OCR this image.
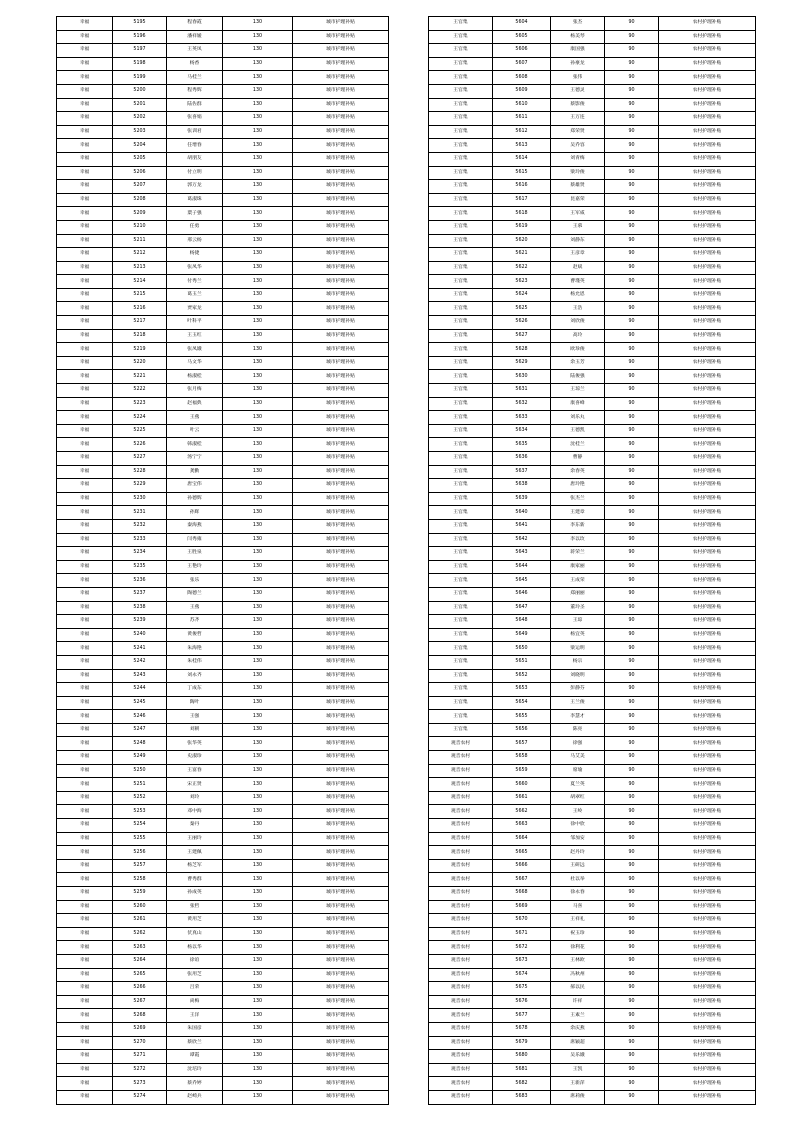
幸福	5195	程春霞	130	城市护理补贴
幸福	5196	潘祥媛	130	城市护理补贴
幸福	5197	王英凤	130	城市护理补贴
幸福	5198	杨香	130	城市护理补贴
幸福	5199	马桂兰	130	城市护理补贴
幸福	5200	程秀辉	130	城市护理补贴
幸福	5201	陆佐群	130	城市护理补贴
幸福	5202	张喜娟	130	城市护理补贴
幸福	5203	张训君	130	城市护理补贴
幸福	5204	任增春	130	城市护理补贴
幸福	5205	胡朋友	130	城市护理补贴
幸福	5206	付立明	130	城市护理补贴
幸福	5207	郭万龙	130	城市护理补贴
幸福	5208	葛淑珠	130	城市护理补贴
幸福	5209	粟子强	130	城市护理补贴
幸福	5210	任勇	130	城市护理补贴
幸福	5211	邢云杨	130	城市护理补贴
幸福	5212	杨捷	130	城市护理补贴
幸福	5213	张凤华	130	城市护理补贴
幸福	5214	付秀兰	130	城市护理补贴
幸福	5215	葛玉兰	130	城市护理补贴
幸福	5216	贾家龙	130	城市护理补贴
幸福	5217	叶科平	130	城市护理补贴
幸福	5218	王玉红	130	城市护理补贴
幸福	5219	张凤娥	130	城市护理补贴
幸福	5220	马文华	130	城市护理补贴
幸福	5221	杨淑桂	130	城市护理补贴
幸福	5222	张月梅	130	城市护理补贴
幸福	5223	赵福典	130	城市护理补贴
幸福	5224	王燕	130	城市护理补贴
幸福	5225	叶云	130	城市护理补贴
幸福	5226	韩淑桂	130	城市护理补贴
幸福	5227	汤宁宁	130	城市护理补贴
幸福	5228	龚勤	130	城市护理补贴
幸福	5229	唐宝伟	130	城市护理补贴
幸福	5230	孙德辉	130	城市护理补贴
幸福	5231	孙辉	130	城市护理补贴
幸福	5232	秦海燕	130	城市护理补贴
幸福	5233	闫秀雍	130	城市护理补贴
幸福	5234	王胜泉	130	城市护理补贴
幸福	5235	王艳玲	130	城市护理补贴
幸福	5236	张乐	130	城市护理补贴
幸福	5237	陶德兰	130	城市护理补贴
幸福	5238	王燕	130	城市护理补贴
幸福	5239	苏齐	130	城市护理补贴
幸福	5240	黄俊哲	130	城市护理补贴
幸福	5241	朱海艳	130	城市护理补贴
幸福	5242	朱桂伟	130	城市护理补贴
幸福	5243	刘永齐	130	城市护理补贴
幸福	5244	丁成东	130	城市护理补贴
幸福	5245	陶叶	130	城市护理补贴
幸福	5246	王强	130	城市护理补贴
幸福	5247	刘朝	130	城市护理补贴
幸福	5248	张华英	130	城市护理补贴
幸福	5249	史淑珍	130	城市护理补贴
幸福	5250	王富春	130	城市护理补贴
幸福	5251	宋正贤	130	城市护理补贴
幸福	5252	刘玲	130	城市护理补贴
幸福	5253	邓中海	130	城市护理补贴
幸福	5254	秦丹	130	城市护理补贴
幸福	5255	王丽玲	130	城市护理补贴
幸福	5256	王建佩	130	城市护理补贴
幸福	5257	杨芝军	130	城市护理补贴
幸福	5258	曹秀群	130	城市护理补贴
幸福	5259	孙成英	130	城市护理补贴
幸福	5260	张哲	130	城市护理补贴
幸福	5261	黄用芝	130	城市护理补贴
幸福	5262	伏真山	130	城市护理补贴
幸福	5263	杨以华	130	城市护理补贴
幸福	5264	徐谊	130	城市护理补贴
幸福	5265	张用芝	130	城市护理补贴
幸福	5266	吕荣	130	城市护理补贴
幸福	5267	尚梅	130	城市护理补贴
幸福	5268	王洋	130	城市护理补贴
幸福	5269	朱国彦	130	城市护理补贴
幸福	5270	蔡欣兰	130	城市护理补贴
幸福	5271	谭霞	130	城市护理补贴
幸福	5272	沈培玲	130	城市护理补贴
幸福	5273	蔡乔婷	130	城市护理补贴
幸福	5274	赵崎兵	130	城市护理补贴
王官集	5604	张杰	90	农村护理补贴
王官集	5605	杨美琴	90	农村护理补贴
王官集	5606	康国强	90	农村护理补贴
王官集	5607	孙豪龙	90	农村护理补贴
王官集	5608	张伟	90	农村护理补贴
王官集	5609	王德灵	90	农村护理补贴
王官集	5610	蔡影俊	90	农村护理补贴
王官集	5611	王万连	90	农村护理补贴
王官集	5612	郑荣贤	90	农村护理补贴
王官集	5613	吴乔容	90	农村护理补贴
王官集	5614	刘青梅	90	农村护理补贴
王官集	5615	梁玲俊	90	农村护理补贴
王官集	5616	蔡雄贤	90	农村护理补贴
王官集	5617	昆嘉荣	90	农村护理补贴
王官集	5618	王军威	90	农村护理补贴
王官集	5619	王慕	90	农村护理补贴
王官集	5620	刘静东	90	农村护理补贴
王官集	5621	王彦章	90	农村护理补贴
王官集	5622	赵斌	90	农村护理补贴
王官集	5623	曹瑾英	90	农村护理补贴
王官集	5624	杨允恩	90	农村护理补贴
王官集	5625	王浩	90	农村护理补贴
王官集	5626	刘欣俊	90	农村护理补贴
王官集	5627	高玲	90	农村护理补贴
王官集	5628	欧珍俊	90	农村护理补贴
王官集	5629	余玉芳	90	农村护理补贴
王官集	5630	陆俊强	90	农村护理补贴
王官集	5631	王琼兰	90	农村护理补贴
王官集	5632	康喜峰	90	农村护理补贴
王官集	5633	刘乐丸	90	农村护理补贴
王官集	5634	王德凯	90	农村护理补贴
王官集	5635	沈桂兰	90	农村护理补贴
王官集	5636	曹静	90	农村护理补贴
王官集	5637	余春英	90	农村护理补贴
王官集	5638	唐玲艳	90	农村护理补贴
王官集	5639	张杰兰	90	农村护理补贴
王官集	5640	王建章	90	农村护理补贴
王官集	5641	李东新	90	农村护理补贴
王官集	5642	李以玫	90	农村护理补贴
王官集	5643	蒋荣兰	90	农村护理补贴
王官集	5644	康家丽	90	农村护理补贴
王官集	5645	王成荣	90	农村护理补贴
王官集	5646	郑丽丽	90	农村护理补贴
王官集	5647	董玲圣	90	农村护理补贴
王官集	5648	王琼	90	农村护理补贴
王官集	5649	杨宜英	90	农村护理补贴
王官集	5650	梁运明	90	农村护理补贴
王官集	5651	杨宗	90	农村护理补贴
王官集	5652	刘晓明	90	农村护理补贴
王官集	5653	彭静芬	90	农村护理补贴
王官集	5654	王兰俊	90	农村护理补贴
王官集	5655	李慧才	90	农村护理补贴
王官集	5656	陈亮	90	农村护理补贴
观音农村	5657	徐强	90	农村护理补贴
观音农村	5658	马艾美	90	农村护理补贴
观音农村	5659	席瑜	90	农村护理补贴
观音农村	5660	夏兰英	90	农村护理补贴
观音农村	5661	胡翠红	90	农村护理补贴
观音农村	5662	王岭	90	农村护理补贴
观音农村	5663	徐中欣	90	农村护理补贴
观音农村	5664	邹加安	90	农村护理补贴
观音农村	5665	赵丹玲	90	农村护理补贴
观音农村	5666	王研远	90	农村护理补贴
观音农村	5667	杜以举	90	农村护理补贴
观音农村	5668	徐永春	90	农村护理补贴
观音农村	5669	马喜	90	农村护理补贴
观音农村	5670	王祥礼	90	农村护理补贴
观音农村	5671	祝玉珍	90	农村护理补贴
观音农村	5672	徐利花	90	农村护理补贴
观音农村	5673	王林欧	90	农村护理补贴
观音农村	5674	冯秋州	90	农村护理补贴
观音农村	5675	郝以民	90	农村护理补贴
观音农村	5676	许祥	90	农村护理补贴
观音农村	5677	王素兰	90	农村护理补贴
观音农村	5678	余庆燕	90	农村护理补贴
观音农村	5679	席颖超	90	农村护理补贴
观音农村	5680	吴乐娥	90	农村护理补贴
观音农村	5681	王凯	90	农村护理补贴
观音农村	5682	王新萍	90	农村护理补贴
观音农村	5683	席莉俊	90	农村护理补贴
